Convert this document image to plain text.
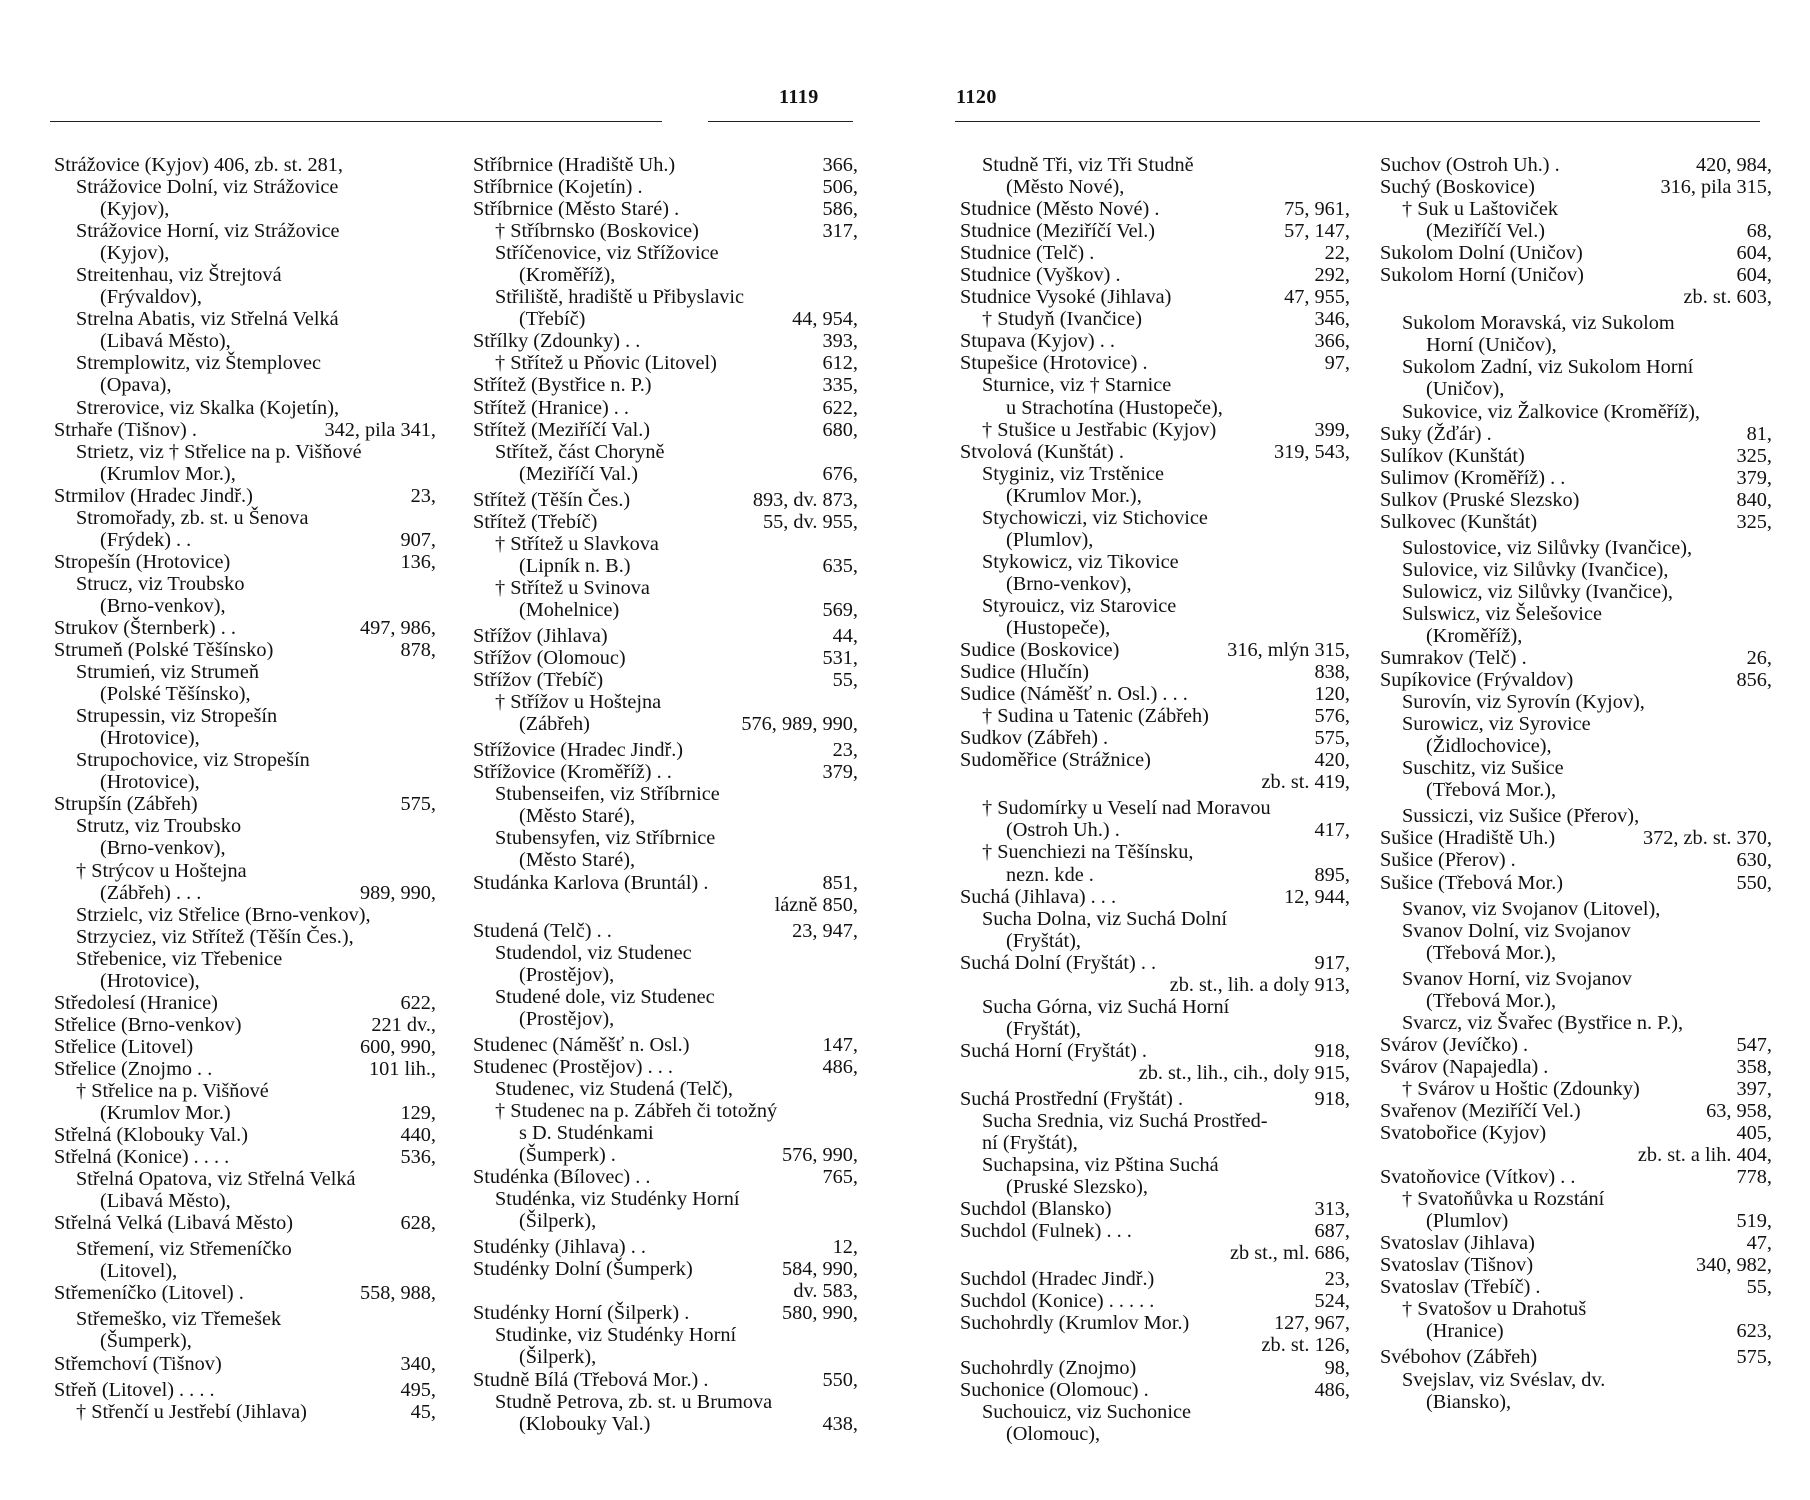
1119	1120
Strážovice (Kyjov) 406, zb. st. 281,
Strážovice Dolní, viz Strážovice
(Kyjov),
Strážovice Horní, viz Strážovice
(Kyjov),
Streitenhau, viz Štrejtová
(Frývaldov),
Strelna Abatis, viz Střelná Velká
(Libavá Město),
Stremplowitz, viz Štemplovec
(Opava),
Strerovice, viz Skalka (Kojetín),
Strhaře (Tišnov) .	342, pila 341,
Strietz, viz † Střelice na p. Višňové
(Krumlov Mor.),
Strmilov (Hradec Jindř.)	23,
Stromořady, zb. st. u Šenova
(Frýdek) . .	907,
Stropešín (Hrotovice)	136,
Strucz, viz Troubsko
(Brno-venkov),
Strukov (Šternberk) . .	497, 986,
Strumeň (Polské Těšínsko)	878,
Strumień, viz Strumeň
(Polské Těšínsko),
Strupessin, viz Stropešín
(Hrotovice),
Strupochovice, viz Stropešín
(Hrotovice),
Strupšín (Zábřeh)	575,
Strutz, viz Troubsko
(Brno-venkov),
† Strýcov u Hoštejna
(Zábřeh) . . .	989, 990,
Strzielc, viz Střelice (Brno-venkov),
Strzyciez, viz Střítež (Těšín Čes.),
Střebenice, viz Třebenice
(Hrotovice),
Středolesí (Hranice)	622,
Střelice (Brno-venkov)	221 dv.,
Střelice (Litovel)	600, 990,
Střelice (Znojmo . .	101 lih.,
† Střelice na p. Višňové
(Krumlov Mor.)	129,
Střelná (Klobouky Val.)	440,
Střelná (Konice) . . . .	536,
Střelná Opatova, viz Střelná Velká
(Libavá Město),
Střelná Velká (Libavá Město)	628,
Střemení, viz Střemeníčko
(Litovel),
Střemeníčko (Litovel) .	558, 988,
Střemeško, viz Třemešek
(Šumperk),
Střemchoví (Tišnov)	340,
Střeň (Litovel) . . . .	495,
† Střenčí u Jestřebí (Jihlava)	45,
Stříbrnice (Hradiště Uh.)	366,
Stříbrnice (Kojetín) .	506,
Stříbrnice (Město Staré) .	586,
† Stříbrnsko (Boskovice)	317,
Stříčenovice, viz Střížovice
(Kroměříž),
Střiliště, hradiště u Přibyslavic
(Třebíč)	44, 954,
Střílky (Zdounky) . .	393,
† Střítež u Pňovic (Litovel)	612,
Střítež (Bystřice n. P.)	335,
Střítež (Hranice) . .	622,
Střítež (Meziříčí Val.)	680,
Střítež, část Choryně
(Meziříčí Val.)	676,
Střítež (Těšín Čes.)	893, dv. 873,
Střítež (Třebíč)	55, dv. 955,
† Střítež u Slavkova
(Lipník n. B.)	635,
† Střítež u Svinova
(Mohelnice)	569,
Střížov (Jihlava)	44,
Střížov (Olomouc)	531,
Střížov (Třebíč)	55,
† Střížov u Hoštejna
(Zábřeh)	576, 989, 990,
Střížovice (Hradec Jindř.)	23,
Střížovice (Kroměříž) . .	379,
Stubenseifen, viz Stříbrnice
(Město Staré),
Stubensyfen, viz Stříbrnice
(Město Staré),
Studánka Karlova (Bruntál) .	851,
lázně 850,
Studená (Telč) . .	23, 947,
Studendol, viz Studenec
(Prostějov),
Studené dole, viz Studenec
(Prostějov),
Studenec (Náměšť n. Osl.)	147,
Studenec (Prostějov) . . .	486,
Studenec, viz Studená (Telč),
† Studenec na p. Zábřeh či totožný
s D. Studénkami
(Šumperk) .	576, 990,
Studénka (Bílovec) . .	765,
Studénka, viz Studénky Horní
(Šilperk),
Studénky (Jihlava) . .	12,
Studénky Dolní (Šumperk)	584, 990,
dv. 583,
Studénky Horní (Šilperk) .	580, 990,
Studinke, viz Studénky Horní
(Šilperk),
Studně Bílá (Třebová Mor.) .	550,
Studně Petrova, zb. st. u Brumova
(Klobouky Val.)	438,
Studně Tři, viz Tři Studně
(Město Nové),
Studnice (Město Nové) .	75, 961,
Studnice (Meziříčí Vel.)	57, 147,
Studnice (Telč) .	22,
Studnice (Vyškov) .	292,
Studnice Vysoké (Jihlava)	47, 955,
† Studyň (Ivančice)	346,
Stupava (Kyjov) . .	366,
Stupešice (Hrotovice) .	97,
Sturnice, viz † Starnice
u Strachotína (Hustopeče),
† Stušice u Jestřabic (Kyjov)	399,
Stvolová (Kunštát) .	319, 543,
Styginiz, viz Trstěnice
(Krumlov Mor.),
Stychowiczi, viz Stichovice
(Plumlov),
Stykowicz, viz Tikovice
(Brno-venkov),
Styrouicz, viz Starovice
(Hustopeče),
Sudice (Boskovice)	316, mlýn 315,
Sudice (Hlučín)	838,
Sudice (Náměšť n. Osl.) . . .	120,
† Sudina u Tatenic (Zábřeh)	576,
Sudkov (Zábřeh) .	575,
Sudoměřice (Strážnice)	420,
zb. st. 419,
† Sudomírky u Veselí nad Moravou
(Ostroh Uh.) .	417,
† Suenchiezi na Těšínsku,
nezn. kde .	895,
Suchá (Jihlava) . . .	12, 944,
Sucha Dolna, viz Suchá Dolní
(Fryštát),
Suchá Dolní (Fryštát) . .	917,
zb. st., lih. a doly 913,
Sucha Górna, viz Suchá Horní
(Fryštát),
Suchá Horní (Fryštát) .	918,
zb. st., lih., cih., doly 915,
Suchá Prostřední (Fryštát) .	918,
Sucha Srednia, viz Suchá Prostřed-
ní (Fryštát),
Suchapsina, viz Pština Suchá
(Pruské Slezsko),
Suchdol (Blansko)	313,
Suchdol (Fulnek) . . .	687,
zb st., ml. 686,
Suchdol (Hradec Jindř.)	23,
Suchdol (Konice) . . . . .	524,
Suchohrdly (Krumlov Mor.)	127, 967,
zb. st. 126,
Suchohrdly (Znojmo)	98,
Suchonice (Olomouc) .	486,
Suchouicz, viz Suchonice
(Olomouc),
Suchov (Ostroh Uh.) .	420, 984,
Suchý (Boskovice)	316, pila 315,
† Suk u Laštoviček
(Meziříčí Vel.)	68,
Sukolom Dolní (Uničov)	604,
Sukolom Horní (Uničov)	604,
zb. st. 603,
Sukolom Moravská, viz Sukolom
Horní (Uničov),
Sukolom Zadní, viz Sukolom Horní
(Uničov),
Sukovice, viz Žalkovice (Kroměříž),
Suky (Žďár) .	81,
Sulíkov (Kunštát)	325,
Sulimov (Kroměříž) . .	379,
Sulkov (Pruské Slezsko)	840,
Sulkovec (Kunštát)	325,
Sulostovice, viz Silůvky (Ivančice),
Sulovice, viz Silůvky (Ivančice),
Sulowicz, viz Silůvky (Ivančice),
Sulswicz, viz Šelešovice
(Kroměříž),
Sumrakov (Telč) .	26,
Supíkovice (Frývaldov)	856,
Surovín, viz Syrovín (Kyjov),
Surowicz, viz Syrovice
(Židlochovice),
Suschitz, viz Sušice
(Třebová Mor.),
Sussiczi, viz Sušice (Přerov),
Sušice (Hradiště Uh.)	372, zb. st. 370,
Sušice (Přerov) .	630,
Sušice (Třebová Mor.)	550,
Svanov, viz Svojanov (Litovel),
Svanov Dolní, viz Svojanov
(Třebová Mor.),
Svanov Horní, viz Svojanov
(Třebová Mor.),
Svarcz, viz Švařec (Bystřice n. P.),
Svárov (Jevíčko) .	547,
Svárov (Napajedla) .	358,
† Svárov u Hoštic (Zdounky)	397,
Svařenov (Meziříčí Vel.)	63, 958,
Svatobořice (Kyjov)	405,
zb. st. a lih. 404,
Svatoňovice (Vítkov) . .	778,
† Svatoňůvka u Rozstání
(Plumlov)	519,
Svatoslav (Jihlava)	47,
Svatoslav (Tišnov)	340, 982,
Svatoslav (Třebíč) .	55,
† Svatošov u Drahotuš
(Hranice)	623,
Svébohov (Zábřeh)	575,
Svejslav, viz Svéslav, dv.
(Biansko),
